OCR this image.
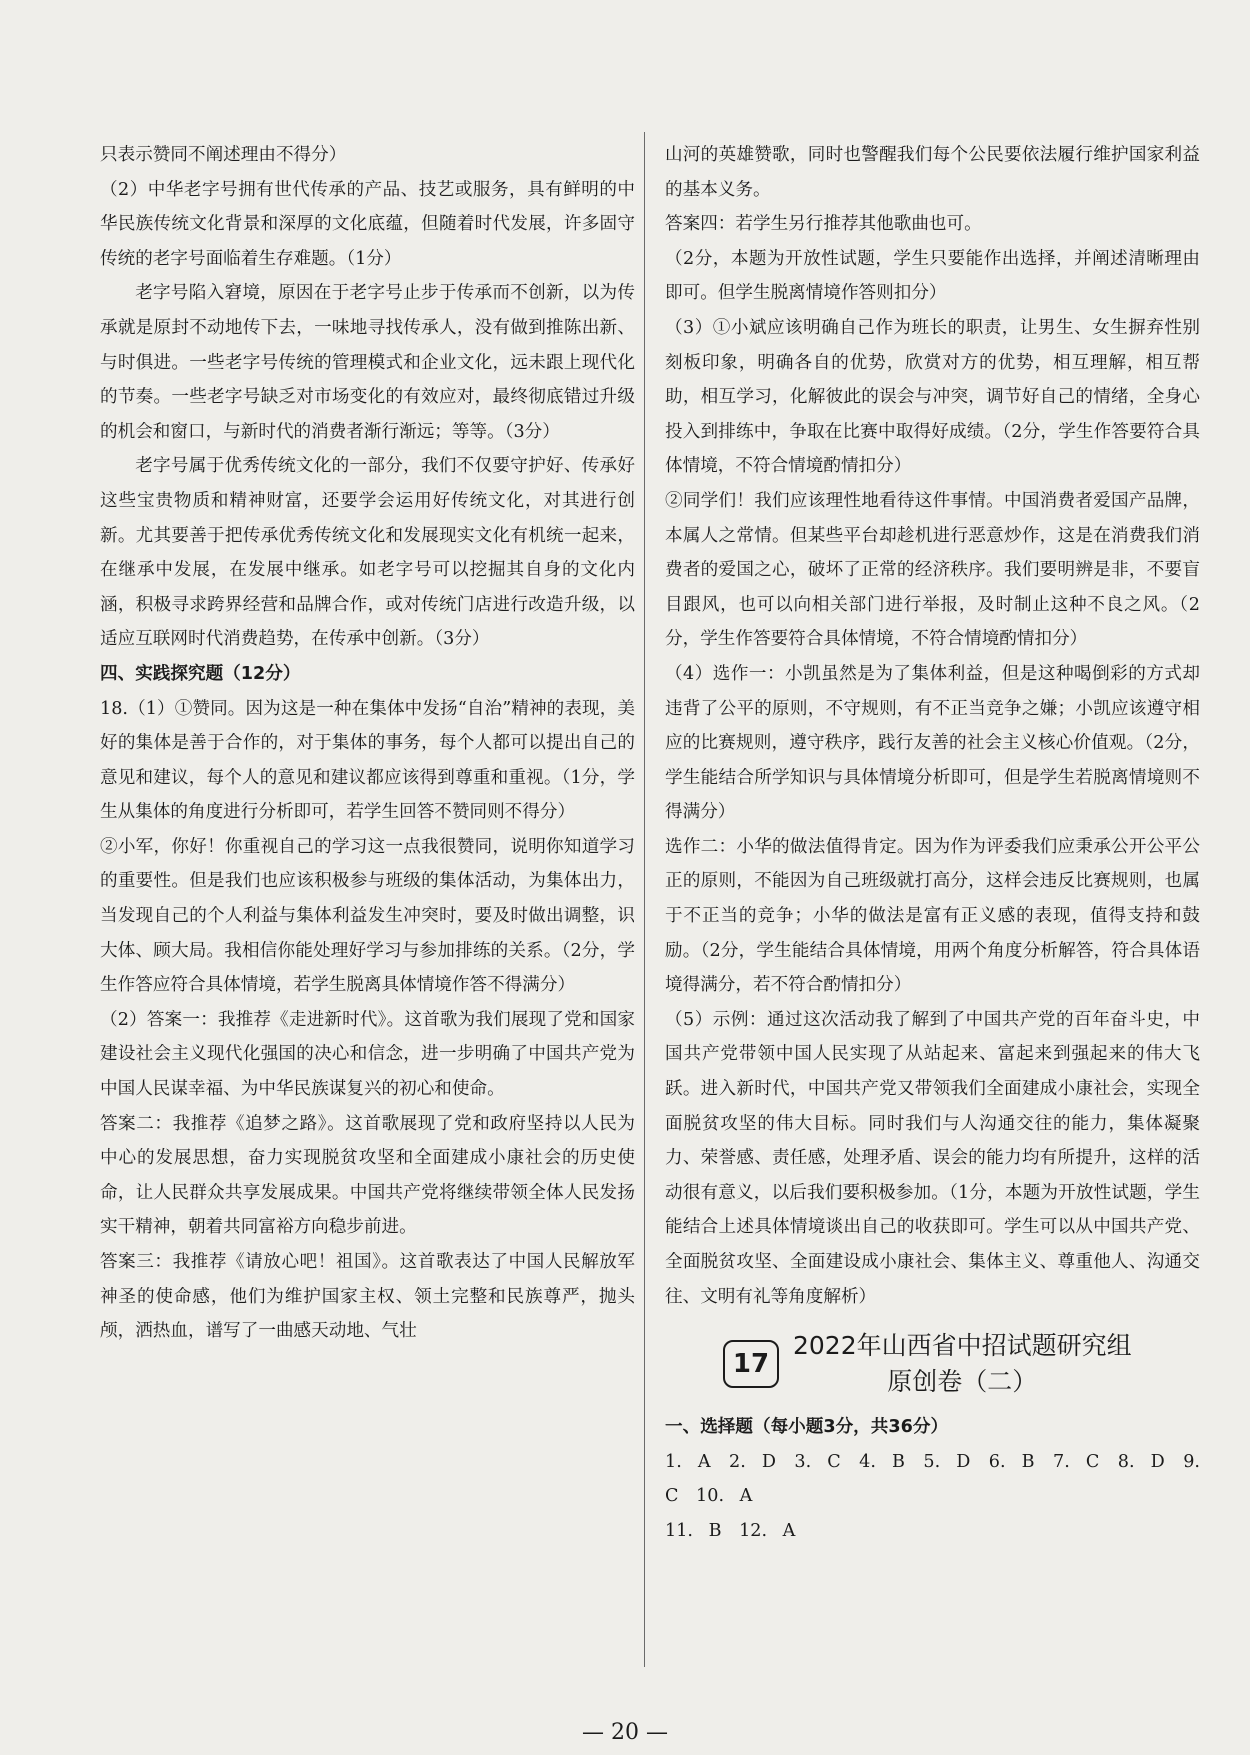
只表示赞同不阐述理由不得分）

（2）中华老字号拥有世代传承的产品、技艺或服务，具有鲜明的中华民族传统文化背景和深厚的文化底蕴，但随着时代发展，许多固守传统的老字号面临着生存难题。（1分）

老字号陷入窘境，原因在于老字号止步于传承而不创新，以为传承就是原封不动地传下去，一味地寻找传承人，没有做到推陈出新、与时俱进。一些老字号传统的管理模式和企业文化，远未跟上现代化的节奏。一些老字号缺乏对市场变化的有效应对，最终彻底错过升级的机会和窗口，与新时代的消费者渐行渐远；等等。（3分）

老字号属于优秀传统文化的一部分，我们不仅要守护好、传承好这些宝贵物质和精神财富，还要学会运用好传统文化，对其进行创新。尤其要善于把传承优秀传统文化和发展现实文化有机统一起来，在继承中发展，在发展中继承。如老字号可以挖掘其自身的文化内涵，积极寻求跨界经营和品牌合作，或对传统门店进行改造升级，以适应互联网时代消费趋势，在传承中创新。（3分）

四、实践探究题（12分）

18.（1）①赞同。因为这是一种在集体中发扬“自治”精神的表现，美好的集体是善于合作的，对于集体的事务，每个人都可以提出自己的意见和建议，每个人的意见和建议都应该得到尊重和重视。（1分，学生从集体的角度进行分析即可，若学生回答不赞同则不得分）

②小军，你好！你重视自己的学习这一点我很赞同，说明你知道学习的重要性。但是我们也应该积极参与班级的集体活动，为集体出力，当发现自己的个人利益与集体利益发生冲突时，要及时做出调整，识大体、顾大局。我相信你能处理好学习与参加排练的关系。（2分，学生作答应符合具体情境，若学生脱离具体情境作答不得满分）

（2）答案一：我推荐《走进新时代》。这首歌为我们展现了党和国家建设社会主义现代化强国的决心和信念，进一步明确了中国共产党为中国人民谋幸福、为中华民族谋复兴的初心和使命。

答案二：我推荐《追梦之路》。这首歌展现了党和政府坚持以人民为中心的发展思想，奋力实现脱贫攻坚和全面建成小康社会的历史使命，让人民群众共享发展成果。中国共产党将继续带领全体人民发扬实干精神，朝着共同富裕方向稳步前进。

答案三：我推荐《请放心吧！祖国》。这首歌表达了中国人民解放军神圣的使命感，他们为维护国家主权、领土完整和民族尊严，抛头颅，洒热血，谱写了一曲感天动地、气壮

山河的英雄赞歌，同时也警醒我们每个公民要依法履行维护国家利益的基本义务。

答案四：若学生另行推荐其他歌曲也可。

（2分，本题为开放性试题，学生只要能作出选择，并阐述清晰理由即可。但学生脱离情境作答则扣分）

（3）①小斌应该明确自己作为班长的职责，让男生、女生摒弃性别刻板印象，明确各自的优势，欣赏对方的优势，相互理解，相互帮助，相互学习，化解彼此的误会与冲突，调节好自己的情绪，全身心投入到排练中，争取在比赛中取得好成绩。（2分，学生作答要符合具体情境，不符合情境酌情扣分）

②同学们！我们应该理性地看待这件事情。中国消费者爱国产品牌，本属人之常情。但某些平台却趁机进行恶意炒作，这是在消费我们消费者的爱国之心，破坏了正常的经济秩序。我们要明辨是非，不要盲目跟风，也可以向相关部门进行举报，及时制止这种不良之风。（2分，学生作答要符合具体情境，不符合情境酌情扣分）

（4）选作一：小凯虽然是为了集体利益，但是这种喝倒彩的方式却违背了公平的原则，不守规则，有不正当竞争之嫌；小凯应该遵守相应的比赛规则，遵守秩序，践行友善的社会主义核心价值观。（2分，学生能结合所学知识与具体情境分析即可，但是学生若脱离情境则不得满分）

选作二：小华的做法值得肯定。因为作为评委我们应秉承公开公平公正的原则，不能因为自己班级就打高分，这样会违反比赛规则，也属于不正当的竞争；小华的做法是富有正义感的表现，值得支持和鼓励。（2分，学生能结合具体情境，用两个角度分析解答，符合具体语境得满分，若不符合酌情扣分）

（5）示例：通过这次活动我了解到了中国共产党的百年奋斗史，中国共产党带领中国人民实现了从站起来、富起来到强起来的伟大飞跃。进入新时代，中国共产党又带领我们全面建成小康社会，实现全面脱贫攻坚的伟大目标。同时我们与人沟通交往的能力，集体凝聚力、荣誉感、责任感，处理矛盾、误会的能力均有所提升，这样的活动很有意义，以后我们要积极参加。（1分，本题为开放性试题，学生能结合上述具体情境谈出自己的收获即可。学生可以从中国共产党、全面脱贫攻坚、全面建设成小康社会、集体主义、尊重他人、沟通交往、文明有礼等角度解析）

17
2022年山西省中招试题研究组
原创卷（二）

一、选择题（每小题3分，共36分）

1. A　2. D　3. C　4. B　5. D　6. B　7. C　8. D　9. C　10. A

11. B　12. A

— 20 —
